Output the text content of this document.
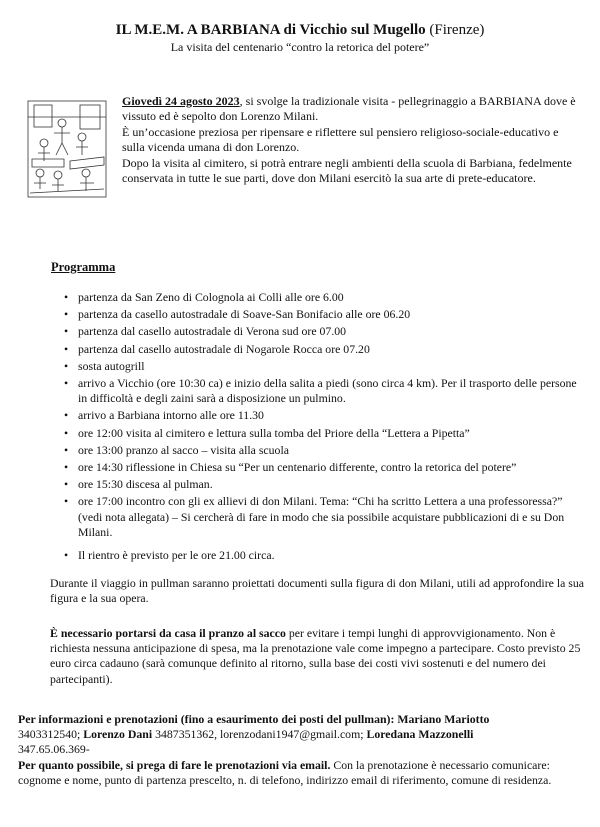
IL M.E.M. A BARBIANA di Vicchio sul Mugello (Firenze)
La visita del centenario “contro la retorica del potere”

Giovedì 24 agosto 2023, si svolge la tradizionale visita - pellegrinaggio a BARBIANA dove è vissuto ed è sepolto don Lorenzo Milani.

È un’occasione preziosa per ripensare e riflettere sul pensiero religioso-sociale-educativo e sulla vicenda umana di don Lorenzo.

Dopo la visita al cimitero, si potrà entrare negli ambienti della scuola di Barbiana, fedelmente conservata in tutte le sue parti, dove don Milani esercitò la sua arte di prete-educatore.

Programma
• partenza da San Zeno di Colognola ai Colli alle ore 6.00
• partenza da casello autostradale di Soave-San Bonifacio alle ore 06.20
• partenza dal casello autostradale di Verona sud ore 07.00
• partenza dal casello autostradale di Nogarole Rocca ore 07.20
• sosta autogrill
• arrivo a Vicchio (ore 10:30 ca) e inizio della salita a piedi (sono circa 4 km). Per il trasporto delle persone in difficoltà e degli zaini sarà a disposizione un pulmino.
• arrivo a Barbiana intorno alle ore 11.30
• ore 12:00 visita al cimitero e lettura sulla tomba del Priore della “Lettera a Pipetta”
• ore 13:00 pranzo al sacco – visita alla scuola
• ore 14:30 riflessione in Chiesa su “Per un centenario differente, contro la retorica del potere”
• ore 15:30 discesa al pulman.
• ore 17:00 incontro con gli ex allievi di don Milani. Tema: “Chi ha scritto Lettera a una professoressa?” (vedi nota allegata) – Si cercherà di fare in modo che sia possibile acquistare pubblicazioni di e su Don Milani.
• Il rientro è previsto per le ore 21.00 circa.
Durante il viaggio in pullman saranno proiettati documenti sulla figura di don Milani, utili ad approfondire la sua figura e la sua opera.
È necessario portarsi da casa il pranzo al sacco per evitare i tempi lunghi di approvvigionamento. Non è richiesta nessuna anticipazione di spesa, ma la prenotazione vale come impegno a partecipare. Costo previsto 25 euro circa cadauno (sarà comunque definito al ritorno, sulla base dei costi vivi sostenuti e del numero dei partecipanti).
Per informazioni e prenotazioni (fino a esaurimento dei posti del pullman): Mariano Mariotto
3403312540; Lorenzo Dani 3487351362, lorenzodani1947@gmail.com; Loredana Mazzonelli
347.65.06.369-
Per quanto possibile, si prega di fare le prenotazioni via email. Con la prenotazione è necessario comunicare: cognome e nome, punto di partenza prescelto, n. di telefono, indirizzo email di riferimento, comune di residenza.
